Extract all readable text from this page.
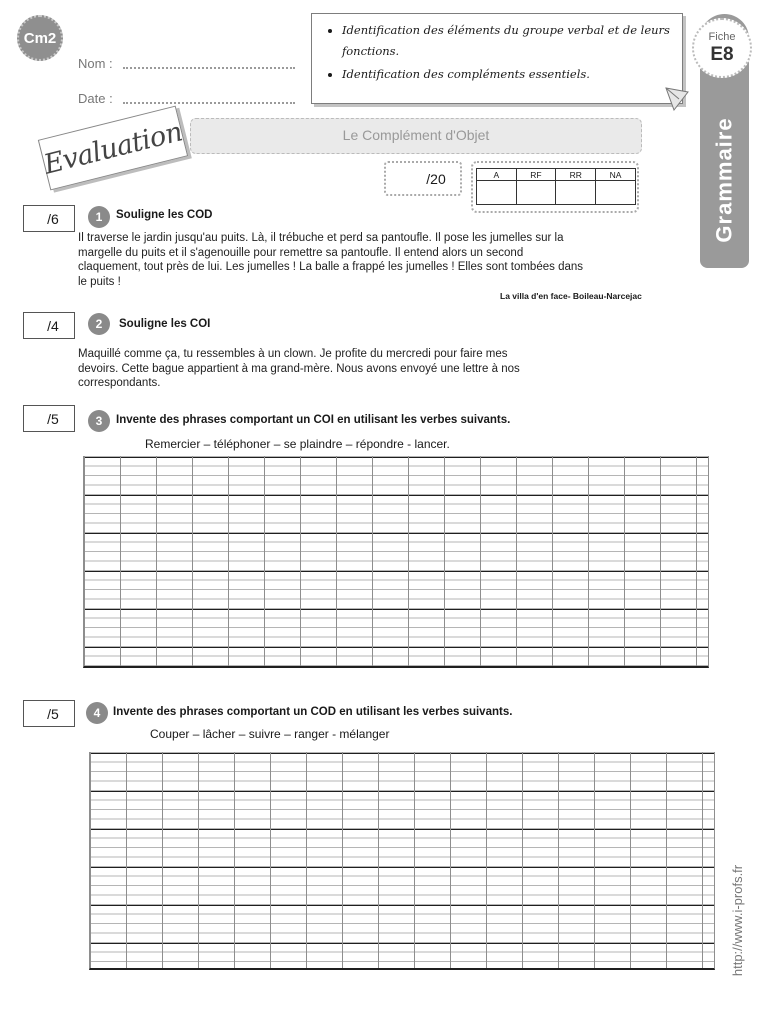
Cm2
Nom :
Date :
• Identification des éléments du groupe verbal et de leurs fonctions.
• Identification des compléments essentiels.
Fiche
E8
Grammaire
Evaluation	Le Complément d'Objet
/20	A	RF	RR	NA

/6	1 Souligne les COD
Il traverse le jardin jusqu'au puits. Là, il trébuche et perd sa pantoufle. Il pose les jumelles sur la
margelle du puits et il s'agenouille pour remettre sa pantoufle. Il entend alors un second
claquement, tout près de lui. Les jumelles ! La balle a frappé les jumelles ! Elles sont tombées dans
le puits !
La villa d'en face- Boileau-Narcejac
/4	2 Souligne les COI
Maquillé comme ça, tu ressembles à un clown. Je profite du mercredi pour faire mes
devoirs. Cette bague appartient à ma grand-mère. Nous avons envoyé une lettre à nos
correspondants.
/5	3 Invente des phrases comportant un COI en utilisant les verbes suivants.
Remercier – téléphoner – se plaindre – répondre - lancer.
/5	4 Invente des phrases comportant un COD en utilisant les verbes suivants.
Couper – lâcher – suivre – ranger - mélanger
http://www.i-profs.fr
